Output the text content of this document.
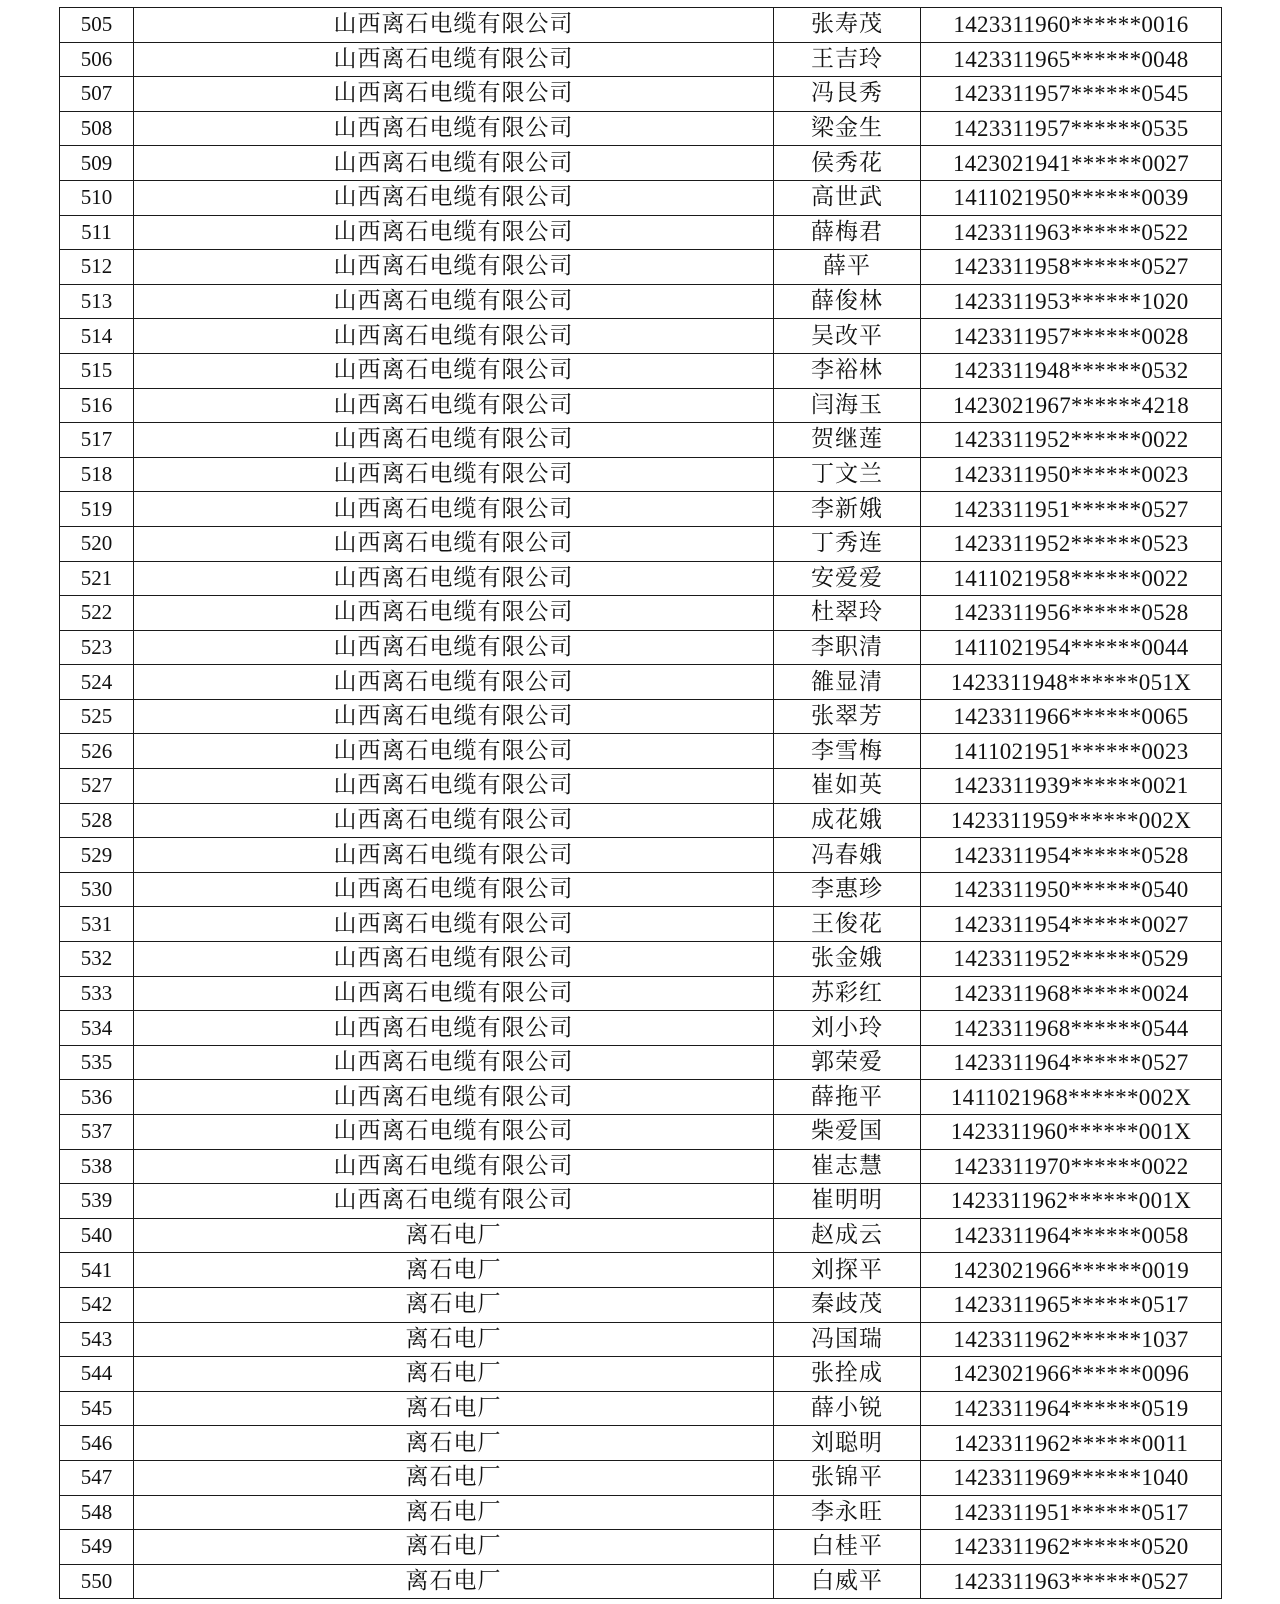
505	山西离石电缆有限公司	张寿茂	1423311960******0016
506	山西离石电缆有限公司	王吉玲	1423311965******0048
507	山西离石电缆有限公司	冯艮秀	1423311957******0545
508	山西离石电缆有限公司	梁金生	1423311957******0535
509	山西离石电缆有限公司	侯秀花	1423021941******0027
510	山西离石电缆有限公司	高世武	1411021950******0039
511	山西离石电缆有限公司	薛梅君	1423311963******0522
512	山西离石电缆有限公司	薛平	1423311958******0527
513	山西离石电缆有限公司	薛俊林	1423311953******1020
514	山西离石电缆有限公司	吴改平	1423311957******0028
515	山西离石电缆有限公司	李裕林	1423311948******0532
516	山西离石电缆有限公司	闫海玉	1423021967******4218
517	山西离石电缆有限公司	贺继莲	1423311952******0022
518	山西离石电缆有限公司	丁文兰	1423311950******0023
519	山西离石电缆有限公司	李新娥	1423311951******0527
520	山西离石电缆有限公司	丁秀连	1423311952******0523
521	山西离石电缆有限公司	安爱爱	1411021958******0022
522	山西离石电缆有限公司	杜翠玲	1423311956******0528
523	山西离石电缆有限公司	李职清	1411021954******0044
524	山西离石电缆有限公司	雒显清	1423311948******051X
525	山西离石电缆有限公司	张翠芳	1423311966******0065
526	山西离石电缆有限公司	李雪梅	1411021951******0023
527	山西离石电缆有限公司	崔如英	1423311939******0021
528	山西离石电缆有限公司	成花娥	1423311959******002X
529	山西离石电缆有限公司	冯春娥	1423311954******0528
530	山西离石电缆有限公司	李惠珍	1423311950******0540
531	山西离石电缆有限公司	王俊花	1423311954******0027
532	山西离石电缆有限公司	张金娥	1423311952******0529
533	山西离石电缆有限公司	苏彩红	1423311968******0024
534	山西离石电缆有限公司	刘小玲	1423311968******0544
535	山西离石电缆有限公司	郭荣爱	1423311964******0527
536	山西离石电缆有限公司	薛拖平	1411021968******002X
537	山西离石电缆有限公司	柴爱国	1423311960******001X
538	山西离石电缆有限公司	崔志慧	1423311970******0022
539	山西离石电缆有限公司	崔明明	1423311962******001X
540	离石电厂	赵成云	1423311964******0058
541	离石电厂	刘探平	1423021966******0019
542	离石电厂	秦歧茂	1423311965******0517
543	离石电厂	冯国瑞	1423311962******1037
544	离石电厂	张拴成	1423021966******0096
545	离石电厂	薛小锐	1423311964******0519
546	离石电厂	刘聪明	1423311962******0011
547	离石电厂	张锦平	1423311969******1040
548	离石电厂	李永旺	1423311951******0517
549	离石电厂	白桂平	1423311962******0520
550	离石电厂	白威平	1423311963******0527
